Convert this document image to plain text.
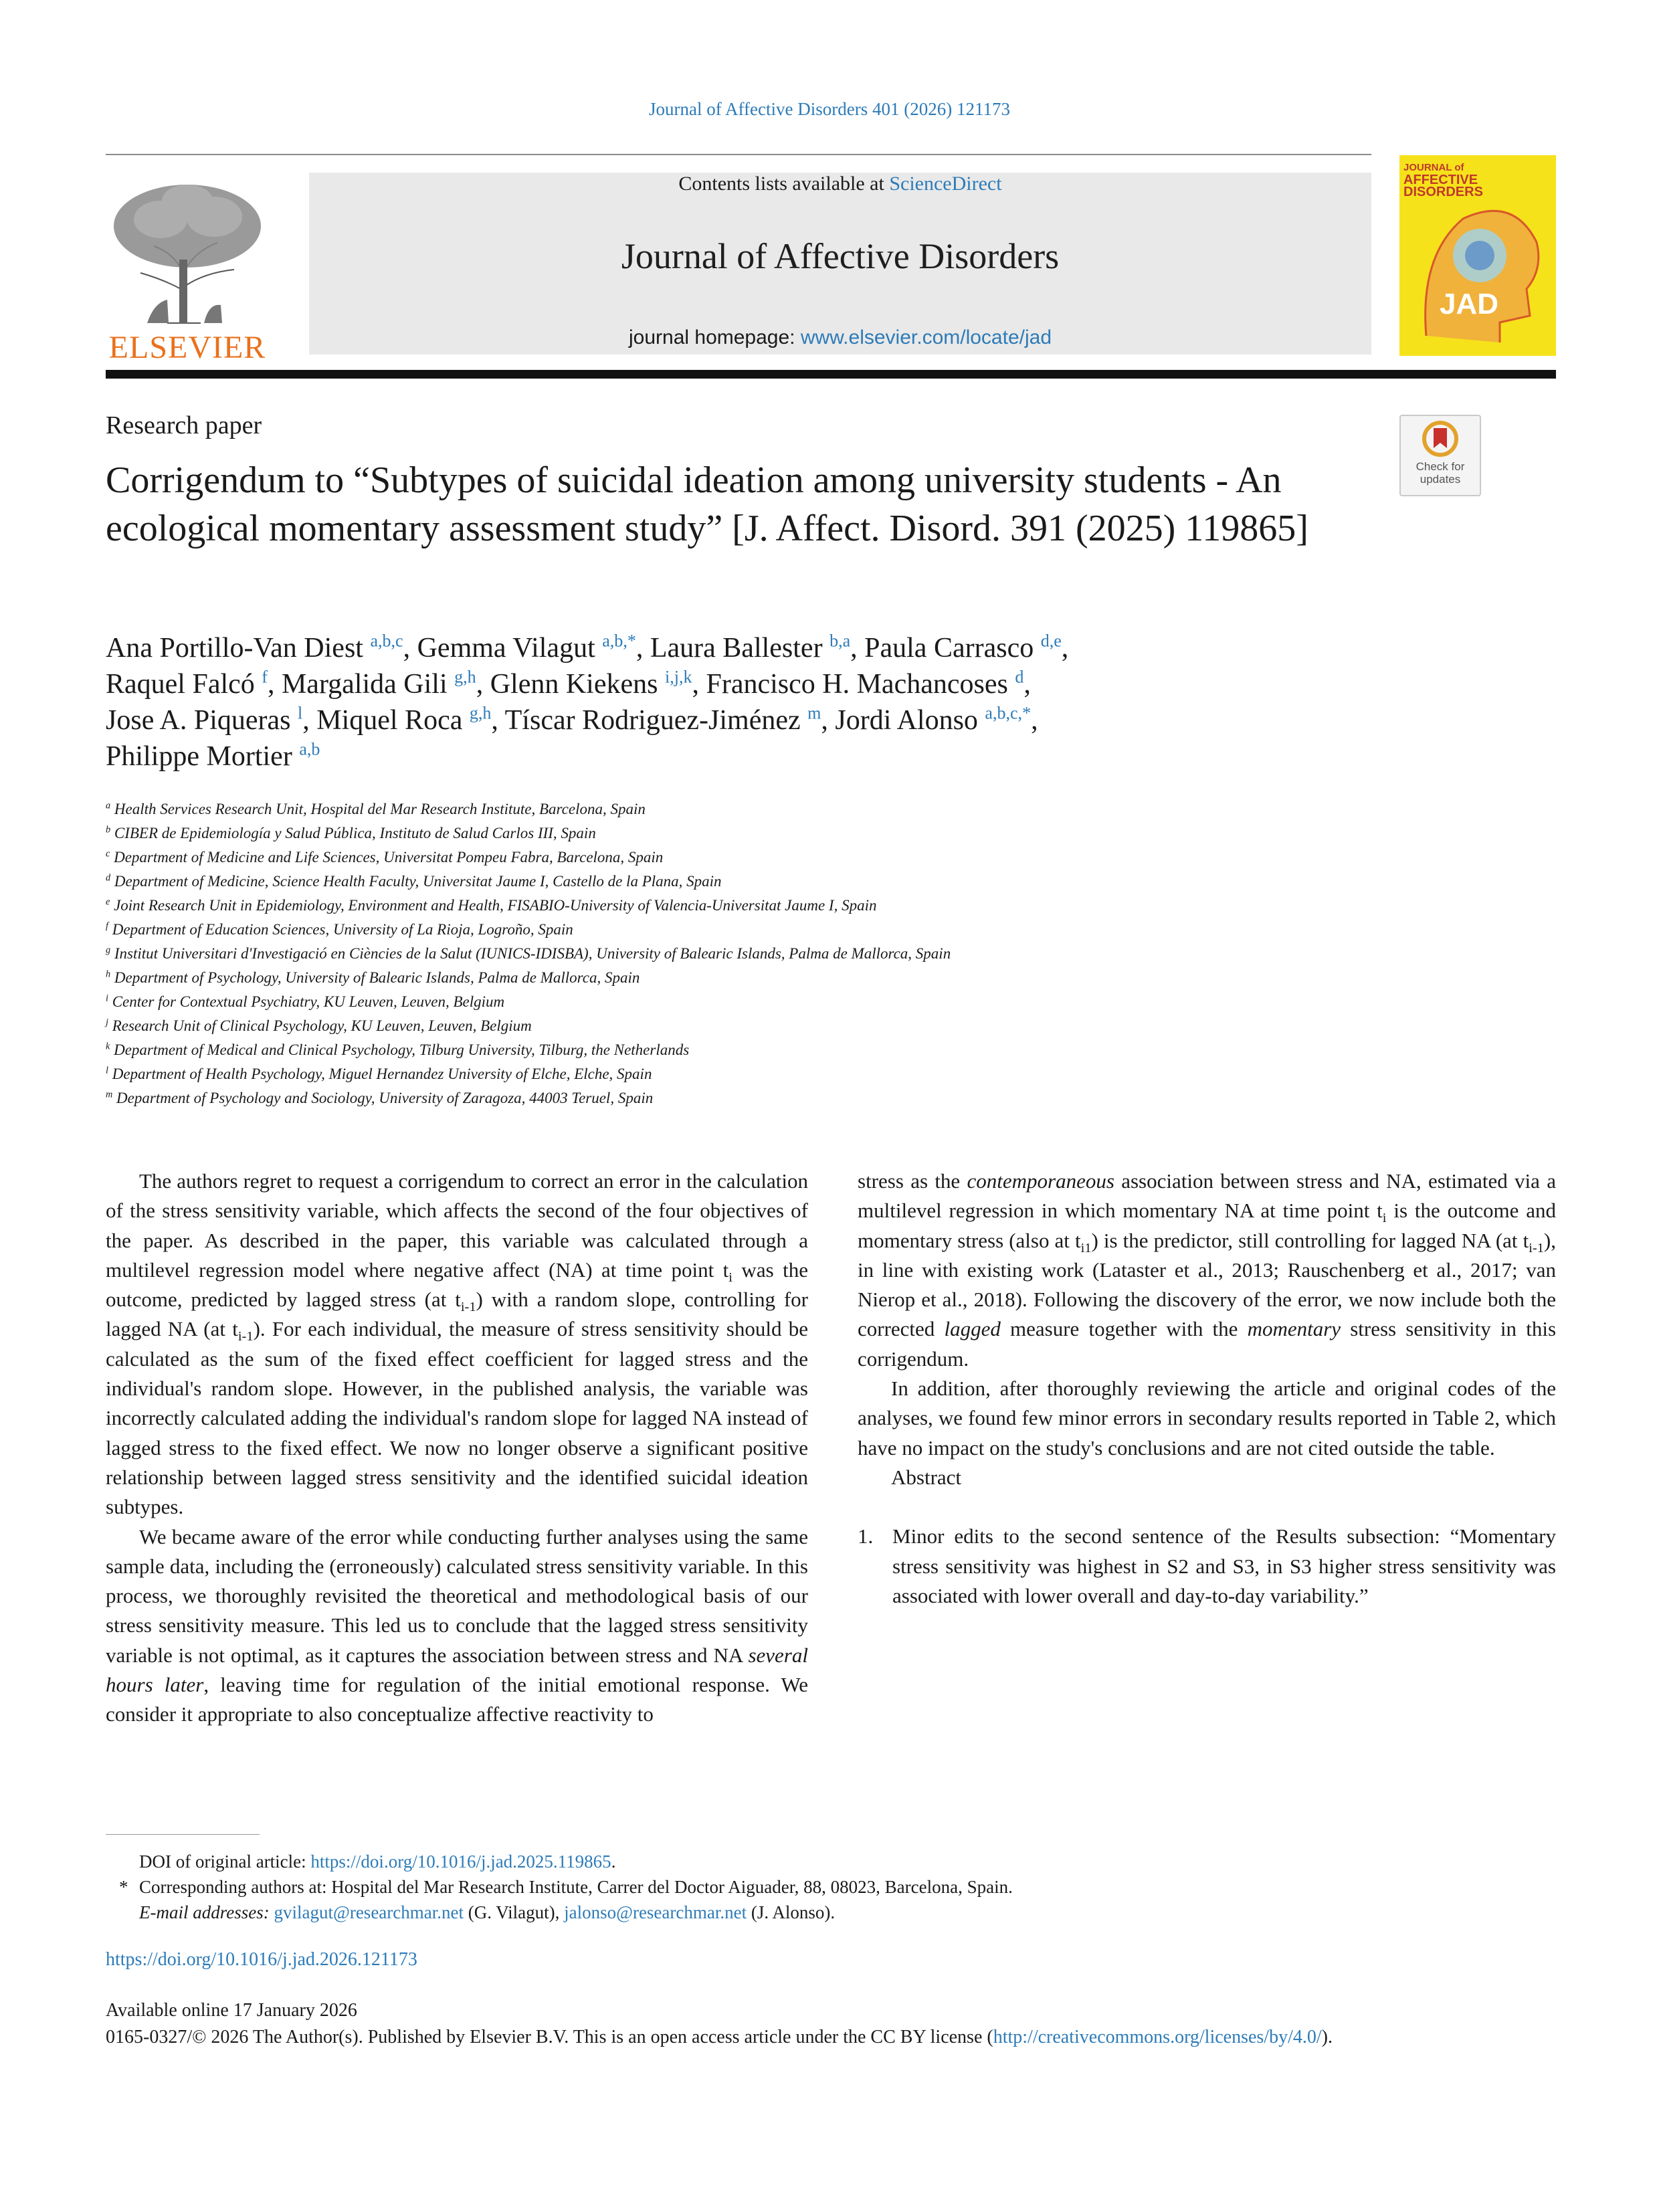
Journal of Affective Disorders 401 (2026) 121173
ELSEVIER
Contents lists available at ScienceDirect
Journal of Affective Disorders
journal homepage: www.elsevier.com/locate/jad
JOURNAL of
AFFECTIVE DISORDERS
JAD
Research paper
Check for updates
Corrigendum to “Subtypes of suicidal ideation among university students - An ecological momentary assessment study” [J. Affect. Disord. 391 (2025) 119865]
Ana Portillo-Van Diest $^{a,b,c}$, Gemma Vilagut $^{a,b,*}$, Laura Ballester $^{b,a}$, Paula Carrasco $^{d,e}$,
Raquel Falcó $^f$, Margalida Gili $^{g,h}$, Glenn Kiekens $^{i,j,k}$, Francisco H. Machancoses $^d$,
Jose A. Piqueras $^l$, Miquel Roca $^{g,h}$, Tíscar Rodriguez-Jiménez $^m$, Jordi Alonso $^{a,b,c,*}$,
Philippe Mortier $^{a,b}$
$^a$ Health Services Research Unit, Hospital del Mar Research Institute, Barcelona, Spain
$^b$ CIBER de Epidemiología y Salud Pública, Instituto de Salud Carlos III, Spain
$^c$ Department of Medicine and Life Sciences, Universitat Pompeu Fabra, Barcelona, Spain
$^d$ Department of Medicine, Science Health Faculty, Universitat Jaume I, Castello de la Plana, Spain
$^e$ Joint Research Unit in Epidemiology, Environment and Health, FISABIO-University of Valencia-Universitat Jaume I, Spain
$^f$ Department of Education Sciences, University of La Rioja, Logroño, Spain
$^g$ Institut Universitari d'Investigació en Ciències de la Salut (IUNICS-IDISBA), University of Balearic Islands, Palma de Mallorca, Spain
$^h$ Department of Psychology, University of Balearic Islands, Palma de Mallorca, Spain
$^i$ Center for Contextual Psychiatry, KU Leuven, Leuven, Belgium
$^j$ Research Unit of Clinical Psychology, KU Leuven, Leuven, Belgium
$^k$ Department of Medical and Clinical Psychology, Tilburg University, Tilburg, the Netherlands
$^l$ Department of Health Psychology, Miguel Hernandez University of Elche, Elche, Spain
$^m$ Department of Psychology and Sociology, University of Zaragoza, 44003 Teruel, Spain

The authors regret to request a corrigendum to correct an error in the calculation of the stress sensitivity variable, which affects the second of the four objectives of the paper. As described in the paper, this variable was calculated through a multilevel regression model where negative affect (NA) at time point $t_i$ was the outcome, predicted by lagged stress (at $t_{i-1}$) with a random slope, controlling for lagged NA (at $t_{i-1}$). For each individual, the measure of stress sensitivity should be calculated as the sum of the fixed effect coefficient for lagged stress and the individual's random slope. However, in the published analysis, the variable was incorrectly calculated adding the individual's random slope for lagged NA instead of lagged stress to the fixed effect. We now no longer observe a significant positive relationship between lagged stress sensitivity and the identified suicidal ideation subtypes.

We became aware of the error while conducting further analyses using the same sample data, including the (erroneously) calculated stress sensitivity variable. In this process, we thoroughly revisited the theoretical and methodological basis of our stress sensitivity measure. This led us to conclude that the lagged stress sensitivity variable is not optimal, as it captures the association between stress and NA several hours later, leaving time for regulation of the initial emotional response. We consider it appropriate to also conceptualize affective reactivity to

stress as the contemporaneous association between stress and NA, estimated via a multilevel regression in which momentary NA at time point $t_i$ is the outcome and momentary stress (also at $t_{i1}$) is the predictor, still controlling for lagged NA (at $t_{i-1}$), in line with existing work (Lataster et al., 2013; Rauschenberg et al., 2017; van Nierop et al., 2018). Following the discovery of the error, we now include both the corrected lagged measure together with the momentary stress sensitivity in this corrigendum.

In addition, after thoroughly reviewing the article and original codes of the analyses, we found few minor errors in secondary results reported in Table 2, which have no impact on the study's conclusions and are not cited outside the table.

Abstract
1. Minor edits to the second sentence of the Results subsection: “Momentary stress sensitivity was highest in S2 and S3, in S3 higher stress sensitivity was associated with lower overall and day-to-day variability.”
DOI of original article: https://doi.org/10.1016/j.jad.2025.119865.
* Corresponding authors at: Hospital del Mar Research Institute, Carrer del Doctor Aiguader, 88, 08023, Barcelona, Spain.
E-mail addresses: gvilagut@researchmar.net (G. Vilagut), jalonso@researchmar.net (J. Alonso).
https://doi.org/10.1016/j.jad.2026.121173
Available online 17 January 2026
0165-0327/© 2026 The Author(s). Published by Elsevier B.V. This is an open access article under the CC BY license (http://creativecommons.org/licenses/by/4.0/).
